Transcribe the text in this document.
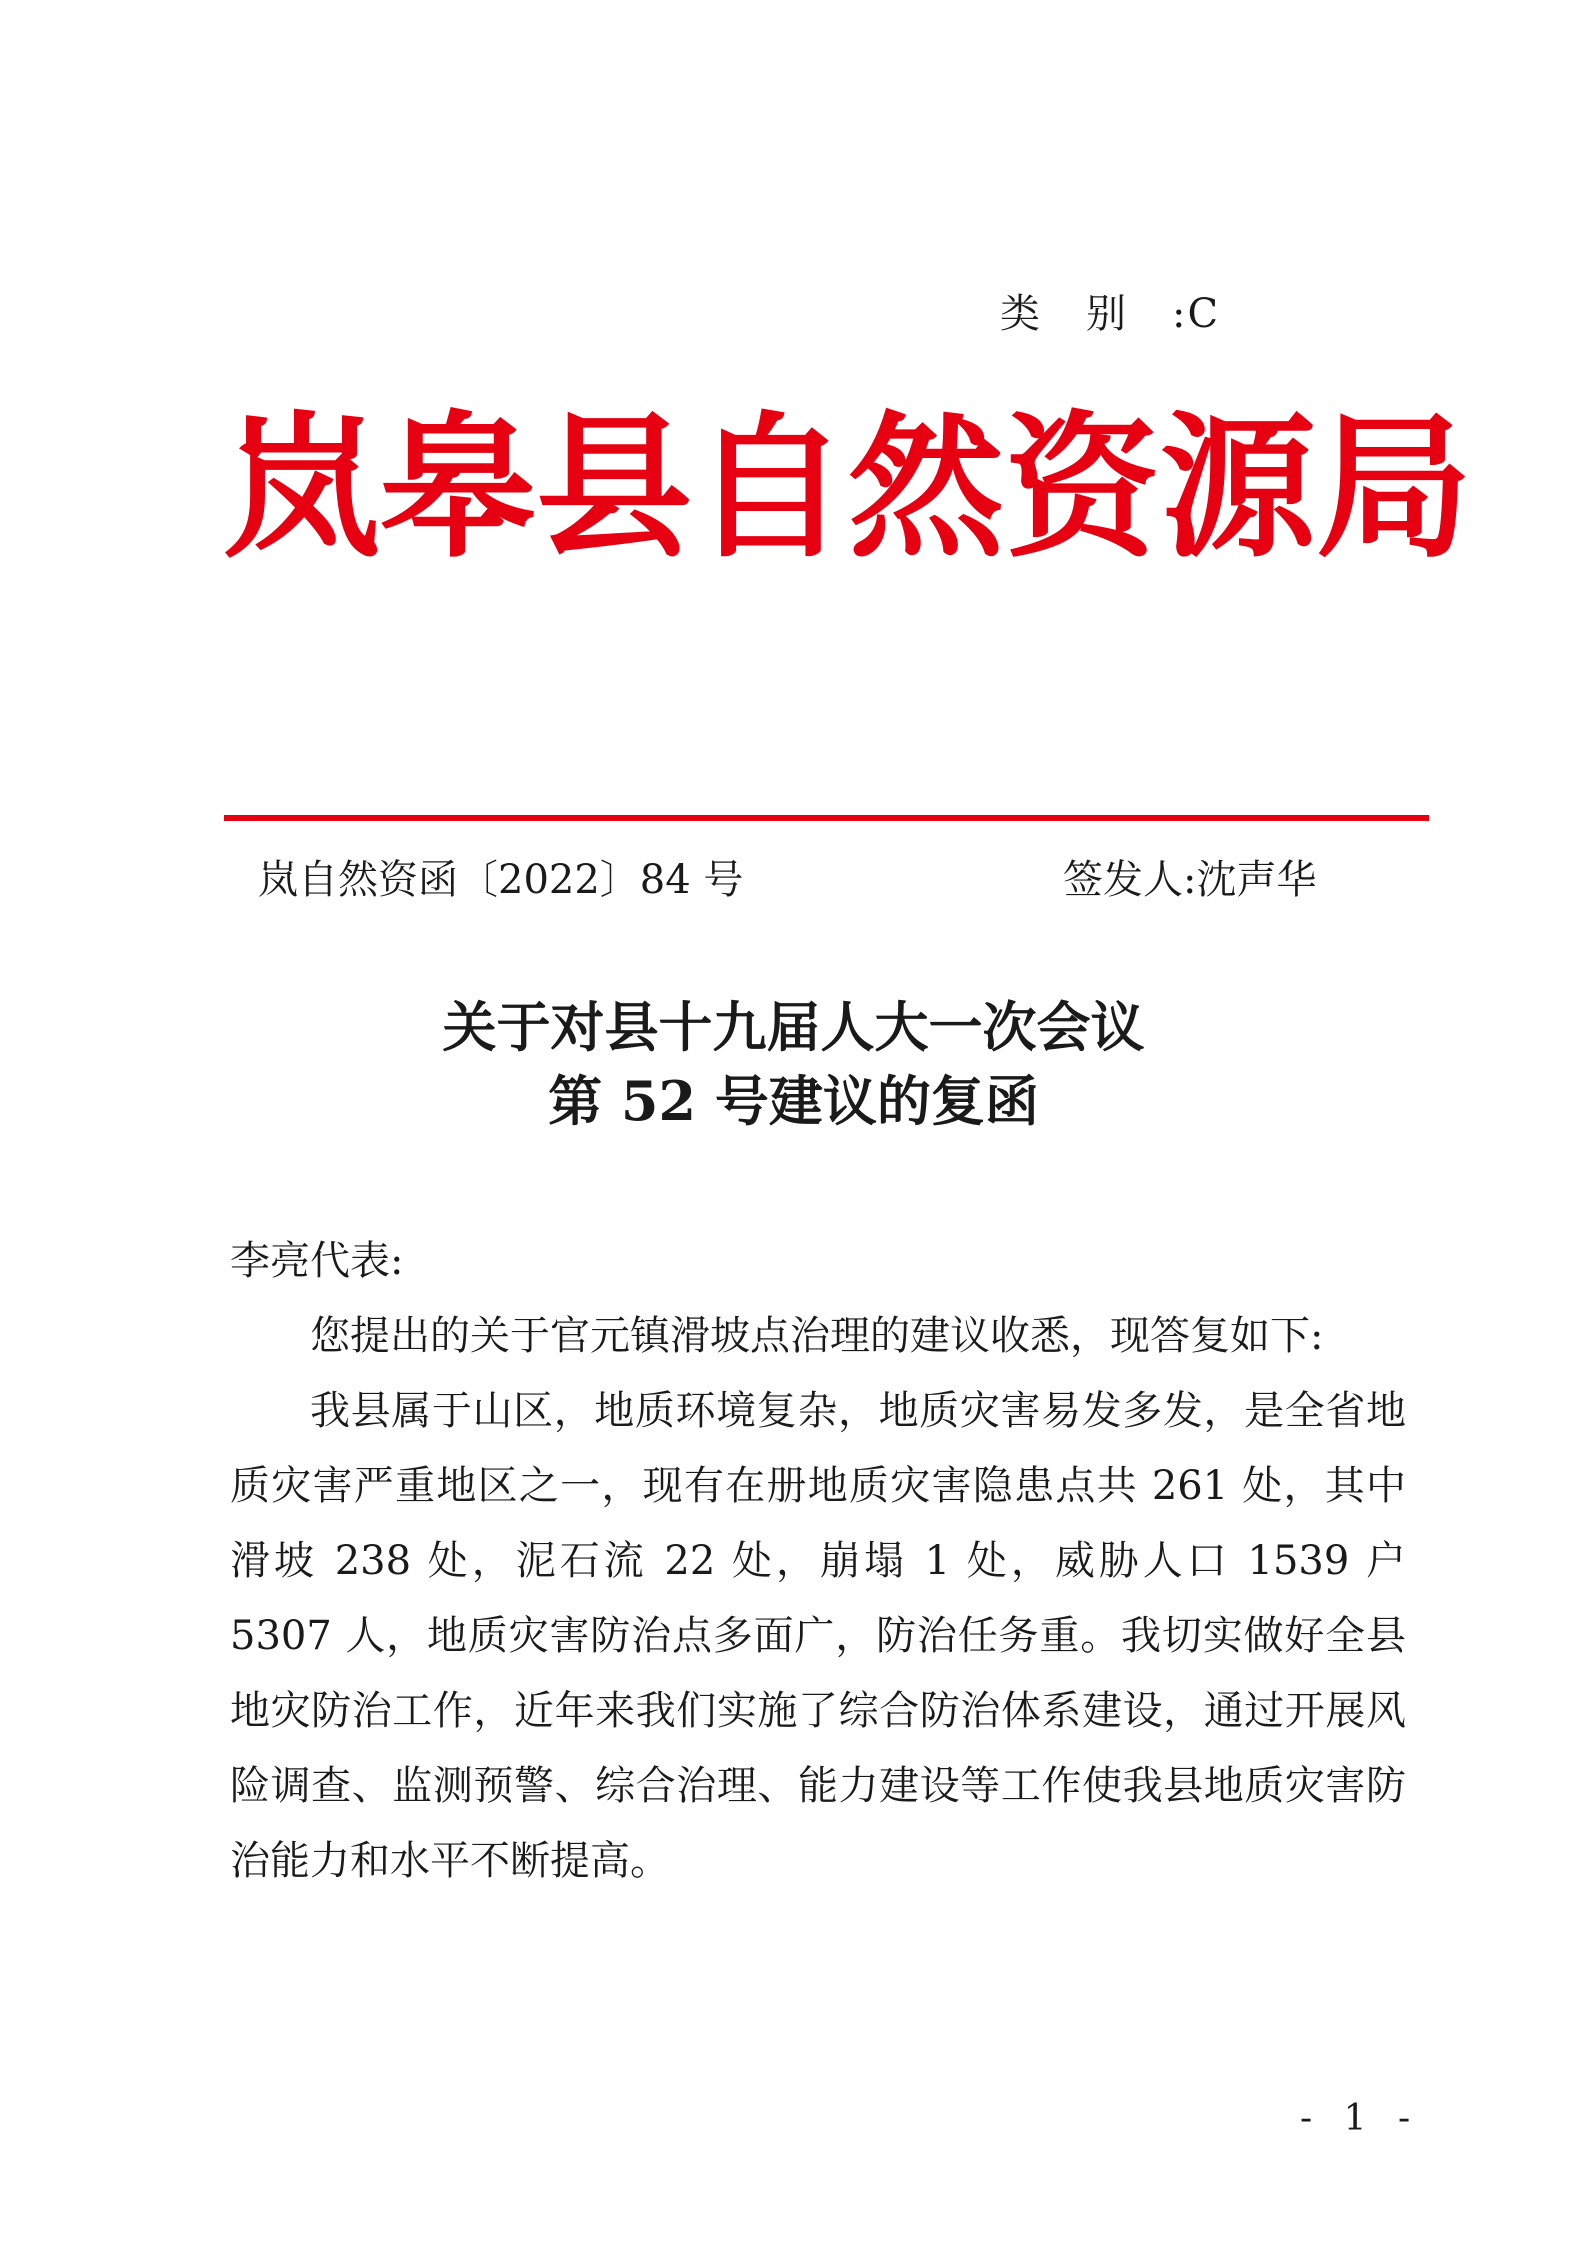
类别:C
岚 皋 县 自 然 资 源 局
岚自然资函〔2022〕84 号	签发人:沈声华
关于对县十九届人大一次会议
第 52 号建议的复函

李亮代表:

您提出的关于官元镇滑坡点治理的建议收悉，现答复如下:

我县属于山区，地质环境复杂，地质灾害易发多发，是全省地质灾害严重地区之一，现有在册地质灾害隐患点共 261 处，其中滑坡 238 处，泥石流 22 处，崩塌 1 处，威胁人口 1539 户 5307 人，地质灾害防治点多面广，防治任务重。我切实做好全县地灾防治工作，近年来我们实施了综合防治体系建设，通过开展风险调查、监测预警、综合治理、能力建设等工作使我县地质灾害防治能力和水平不断提高。

- 1 -
